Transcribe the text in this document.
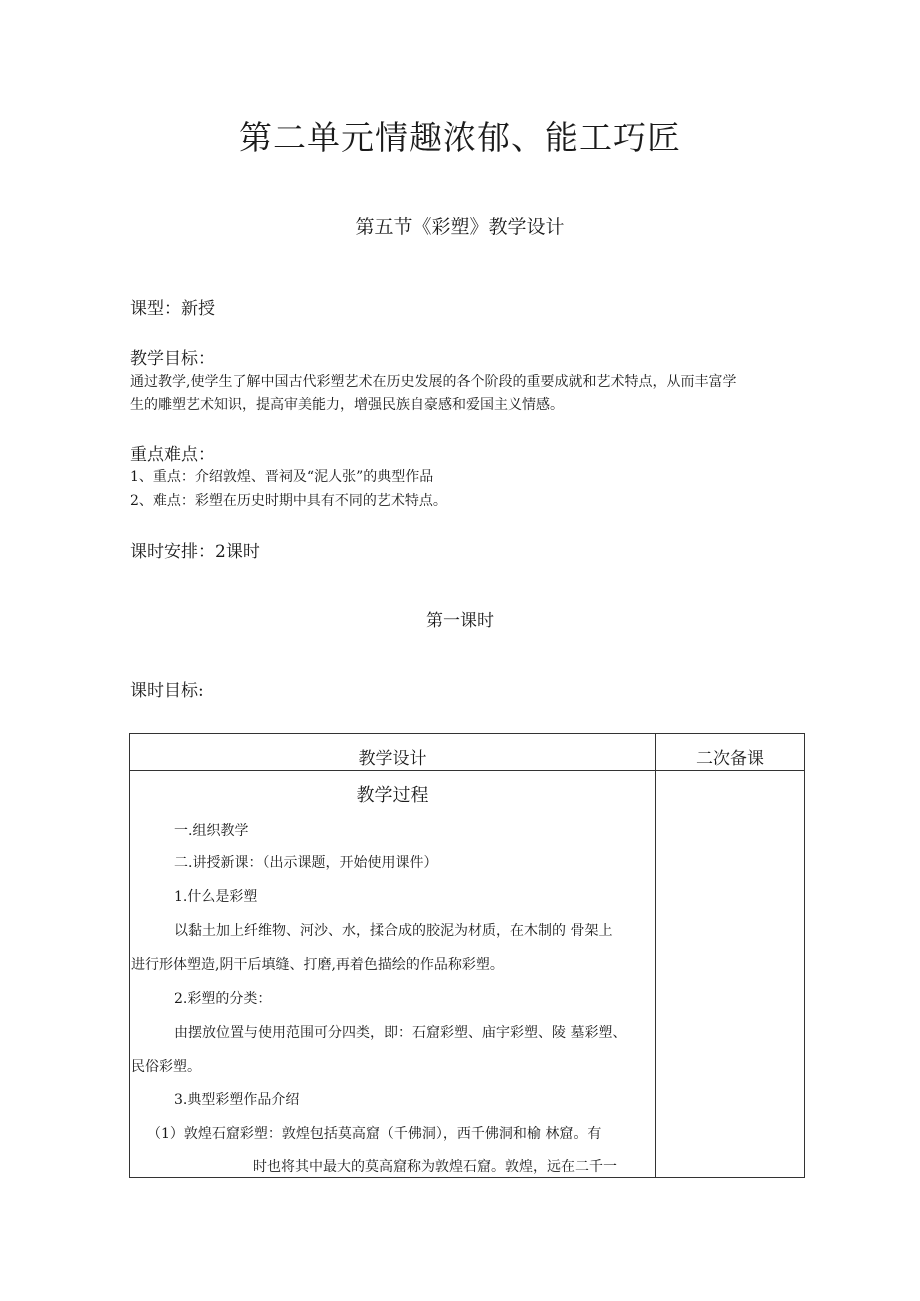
第二单元情趣浓郁、能工巧匠
第五节《彩塑》教学设计
课型：新授
教学目标：
通过教学,使学生了解中国古代彩塑艺术在历史发展的各个阶段的重要成就和艺术特点，从而丰富学
生的雕塑艺术知识，提高审美能力，增强民族自豪感和爱国主义情感。
重点难点：
1、重点：介绍敦煌、晋祠及“泥人张”的典型作品
2、难点：彩塑在历史时期中具有不同的艺术特点。
课时安排：2课时
第一课时
课时目标:
教学设计	二次备课
教学过程
一.组织教学
二.讲授新课：（出示课题，开始使用课件）
1.什么是彩塑
以黏土加上纤维物、河沙、水，揉合成的胶泥为材质，在木制的 骨架上
进行形体塑造,阴干后填缝、打磨,再着色描绘的作品称彩塑。
2.彩塑的分类：
由摆放位置与使用范围可分四类，即：石窟彩塑、庙宇彩塑、陵 墓彩塑、
民俗彩塑。
3.典型彩塑作品介绍
（1）敦煌石窟彩塑：敦煌包括莫高窟（千佛洞），西千佛洞和榆 林窟。有
时也将其中最大的莫高窟称为敦煌石窟。敦煌，远在二千一
